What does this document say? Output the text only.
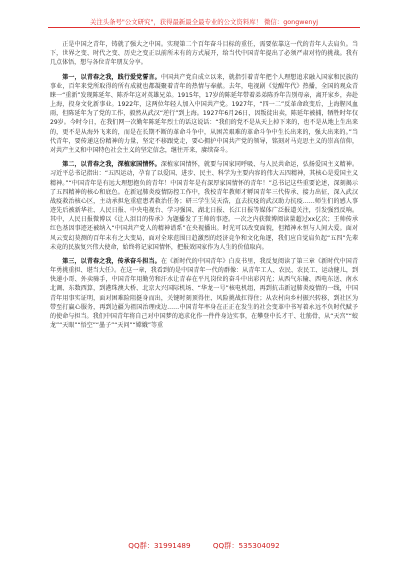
关注头条号"公文研究"，获得最新最全最专业的公文资料库！ 微信：gongwenyj

正是中国之青年，铸就了强大之中国。实现第二个百年奋斗目标的重任，需要依靠这一代的青年人去肩负。当下，世界之变、时代之变、历史之变正以前所未有的方式展开，给当代中国青年提出了必须严肃对待的挑战。我有几点体悟，想与各位青年朋友分享。

第一，以青春之我，践行爱党誓言。中国共产党自成立以来，就指引着青年把个人理想追求融入国家和民族的事业，百年来党所取得的所有成就也都凝聚着青年的热情与奉献。去年，电视剧《觉醒年代》热播，全国的观众青睐一“重新”发现陈延年、陈乔年这对英雄兄弟。1915年，17岁的陈延年带着弟弟陈乔年告别母亲，离开家乡，奔赴上海，投身文化新事业。1922年，这两位年轻人加入中国共产党。1927年，“四一二”反革命政变后，上海腥风血雨，但陈延年为了党的工作，毅然从武汉“逆行”到上海。1927年6月26日，因叛徒出卖，陈延年被捕，牺牲时年仅29岁。今时今日，在我们网一次勤年陈延年烈士的话这说话：“我们的党不是从天上掉下来的，也不是从地上生出来的，更不是从海外飞来的，而是在长期不断的革命斗争中，从困苦艰难的革命斗争中生长出来的，强大出来的。”当代青年，要传递这份精神的力量，坚定不移跟党走，要心拥护中国共产党的领导，铭刻对马克思主义的崇高信仰，对共产主义和中国特色社会主义的坚定信念，继往开来，赓续奋斗。

第二，以青春之我，深植家国情怀。深植家国情怀，就要与国家同呼吸、与人民共命运，弘扬爱国主义精神。习近平总书记指出：“五四运动，孕育了以爱国、进步、民主、科学为主要内容的伟大五四精神，其核心是爱国主义精神。”“中国青年是有远大理想抱负的青年！中国青年是有深厚家国情怀的青年！”总书记这些重要论述，深刻揭示了五四精神的核心和底色。在新冠肺炎疫情防控工作中，我校青年教师才孵国青年三代传承、接力出征，深入武汉战疫救治核心区，主动承担危重症患者救治任务；研三学生吴天浩，直去抗疫的武汉助力抗疫……师生们的感人事迹先后被新华社、人民日报、中央电视台、学习强国、湖北日报、长江日报等媒体广泛报道关注，引发强烈反响。其中，人民日报微博以《让人泪目的传承》为题播发了王帅的事迹。一次之内获微博阅读量超过xx亿次；王帅传承红色基因事迹还被纳入“中国共产党人的精神谱系”在央视播出。时光可以改变面貌，但精神永恒与人间大爱。面对风云变幻莫测的百年未有之大变局，面对全球范围日趋激烈的经济竞争和文化角逐，我们应自觉肩负起“五四”先辈未竟的民族复兴伟大使命，始终将记家国情怀，把报效国家作为人生的价值取向。

第三，以青春之我，传承奋斗担当。在《新时代的中国青年》白皮书里，我反复阅读了第三章《新时代中国青年勇挑重担、堪当大任》。在这一章，我看到的是中国青年一代的群像：从青年工人、农民、农民工、运动健儿，到快递小哥、外卖骑手，中国青年用勤劳和汗水让青春在平凡岗位的奋斗中出彩闪光；从西气东输、西电东送、南水北调、东数西算，到港珠澳大桥、北京大兴国际机场、“华龙一号”核电机组，再到抗击新冠肺炎疫情的一线，中国青年用事实证明，面对困难险阻挺身而出，关键时刻顶得住、风险挑战扛得住；从农村向乡村振兴转移，到社区为带至打赢心服务，再到边疆为祖国治理戍边……中国青年率身在正正在发生的社会变革中书写着永远不负时代赋予的使命与担当。我们中国青年将自己对中国梦的追求化作一件件身边实事，在攀登中长才干、壮筋骨，从“天宫”“蛟龙”“天眼”“悟空”“墨子”“天问”“嫦娥”等重

QQ群：31991489	QQ群：535304092
